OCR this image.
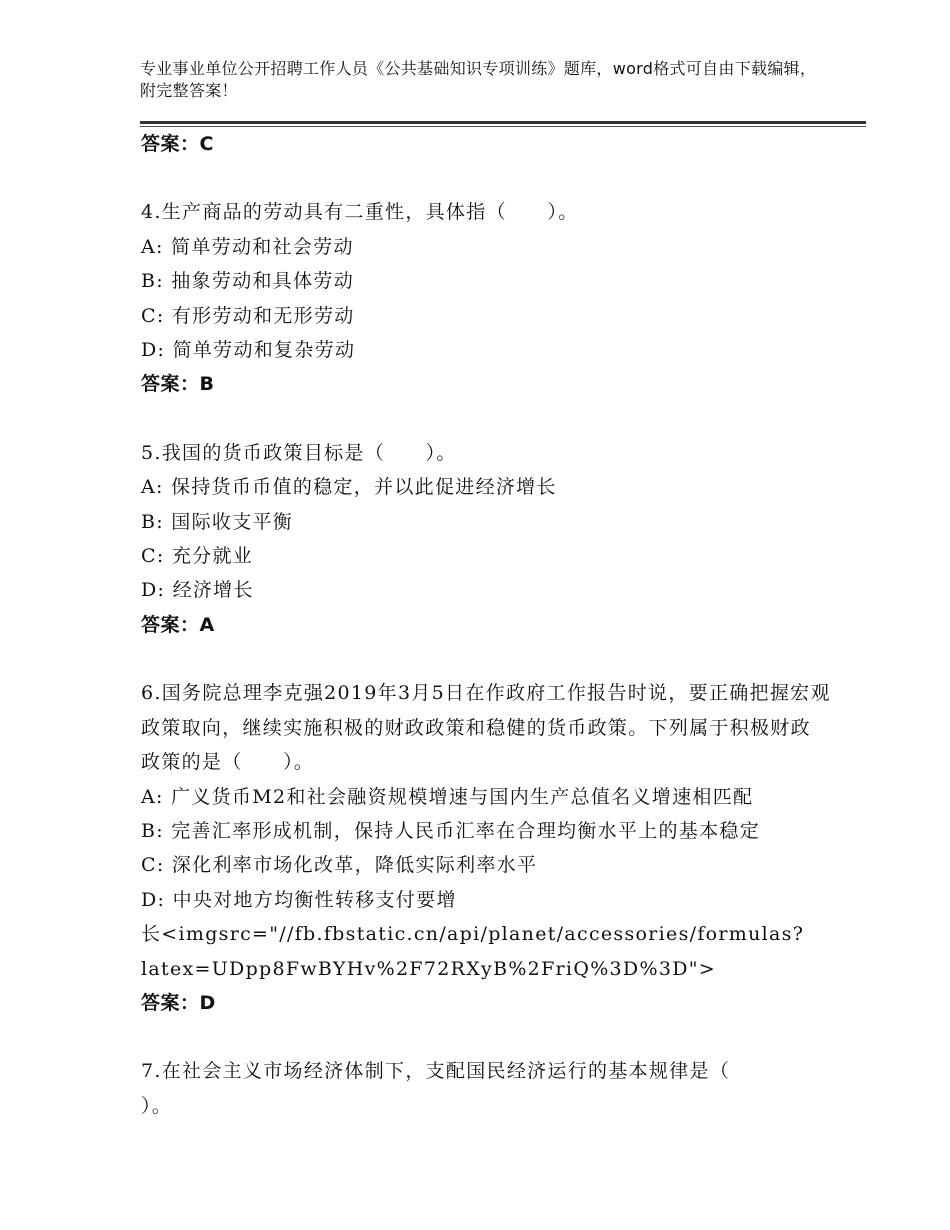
专业事业单位公开招聘工作人员《公共基础知识专项训练》题库，word格式可自由下载编辑，附完整答案！
答案：C
4.生产商品的劳动具有二重性，具体指（　　）。
A: 简单劳动和社会劳动
B: 抽象劳动和具体劳动
C: 有形劳动和无形劳动
D: 简单劳动和复杂劳动
答案：B
5.我国的货币政策目标是（　　）。
A: 保持货币币值的稳定，并以此促进经济增长
B: 国际收支平衡
C: 充分就业
D: 经济增长
答案：A
6.国务院总理李克强2019年3月5日在作政府工作报告时说，要正确把握宏观政策取向，继续实施积极的财政政策和稳健的货币政策。下列属于积极财政政策的是（　　）。
A: 广义货币M2和社会融资规模增速与国内生产总值名义增速相匹配
B: 完善汇率形成机制，保持人民币汇率在合理均衡水平上的基本稳定
C: 深化利率市场化改革，降低实际利率水平
D: 中央对地方均衡性转移支付要增
长<imgsrc="//fb.fbstatic.cn/api/planet/accessories/formulas?
latex=UDpp8FwBYHv%2F72RXyB%2FriQ%3D%3D">
答案：D
7.在社会主义市场经济体制下，支配国民经济运行的基本规律是（
）。
